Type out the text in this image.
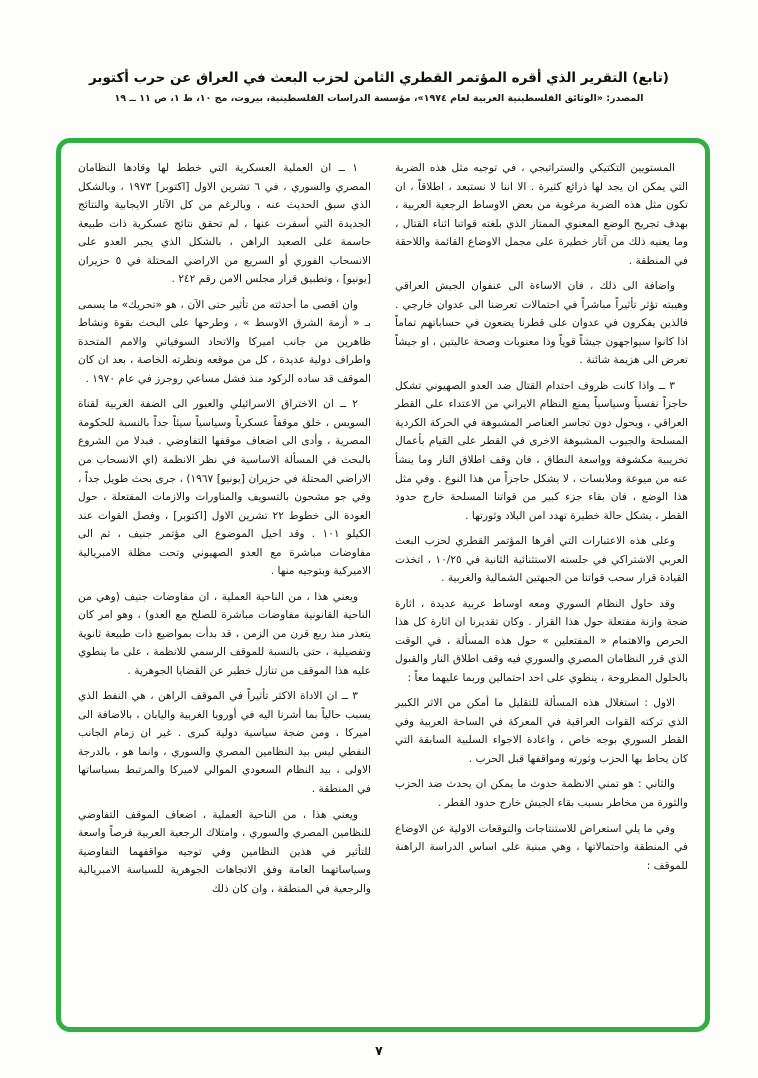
(تابع) التقرير الذي أقره المؤتمر القطري الثامن لحزب البعث في العراق عن حرب أكتوبر
المصدر: «الوثائق الفلسطينية العربية لعام ١٩٧٤»، مؤسسة الدراسات الفلسطينية، بيروت، مج ١٠، ط ١، ص ١١ ــ ١٩

المستويين التكتيكي والستراتيجي ، في توجيه مثل هذه الضربة التي يمكن ان يجد لها ذرائع كثيرة . الا اننا لا نستبعد ، اطلاقاً ، ان تكون مثل هذه الضربة مرغوبة من بعض الاوساط الرجعية العربية ، بهدف تجريح الوضع المعنوي الممتاز الذي بلغته قواتنا اثناء القتال ، وما يعنيه ذلك من آثار خطيرة على مجمل الاوضاع القائمة واللاحقة في المنطقة .

واضافة الى ذلك ، فان الاساءة الى عنفوان الجيش العراقي وهيبته تؤثر تأثيراً مباشراً في احتمالات تعرضنا الى عدوان خارجي . فالذين يفكرون في عدوان على قطرنا يضعون في حساباتهم تماماً اذا كانوا سيواجهون جيشاً قوياً وذا معنويات وصحة عاليتين ، او جيشاً تعرض الى هزيمة شائنة .

٣ ــ واذا كانت ظروف احتدام القتال ضد العدو الصهيوني تشكل حاجزاً نفسياً وسياسياً يمنع النظام الايراني من الاعتداء على القطر العراقي ، ويحول دون تجاسر العناصر المشبوهة في الحركة الكردية المسلحة والجيوب المشبوهة الاخرى في القطر على القيام بأعمال تخريبية مكشوفة وواسعة النطاق ، فان وقف اطلاق النار وما ينشأ عنه من ميوعة وملابسات ، لا يشكل حاجزاً من هذا النوع . وفي مثل هذا الوضع ، فان بقاء جزء كبير من قواتنا المسلحة خارج حدود القطر ، يشكل حالة خطيرة تهدد امن البلاد وثورتها .

وعلى هذه الاعتبارات التي أقرها المؤتمر القطري لحزب البعث العربي الاشتراكي في جلسته الاستثنائية الثانية في ١٠/٢٥ ، اتخذت القيادة قرار سحب قواتنا من الجبهتين الشمالية والغربية .

وقد حاول النظام السوري ومعه اوساط عربية عديدة ، اثارة ضجة وازنة مفتعلة حول هذا القرار . وكان تقديرنا ان اثارة كل هذا الحرص والاهتمام « المفتعلين » حول هذه المسألة ، في الوقت الذي قرر النظامان المصري والسوري فيه وقف اطلاق النار والقبول بالحلول المطروحة ، ينطوي على احد احتمالين وربما عليهما معاً :

الاول : استغلال هذه المسألة للتقليل ما أمكن من الاثر الكبير الذي تركته القوات العراقية في المعركة في الساحة العربية وفي القطر السوري بوجه خاص ، واعادة الاجواء السلبية السابقة التي كان يحاط بها الحزب وثورته ومواقفها قبل الحرب .

والثاني : هو تمني الانظمة حدوث ما يمكن ان يحدث ضد الحزب والثورة من مخاطر بسبب بقاء الجيش خارج حدود القطر .

وفي ما يلي استعراض للاستنتاجات والتوقعات الاولية عن الاوضاع في المنطقة واحتمالاتها ، وهي مبنية على اساس الدراسة الراهنة للموقف :

١ ــ ان العملية العسكرية التي خطط لها وقادها النظامان المصري والسوري ، في ٦ تشرين الاول [اكتوبر] ١٩٧٣ ، وبالشكل الذي سبق الحديث عنه ، وبالرغم من كل الآثار الايجابية والنتائج الجديدة التي أسفرت عنها ، لم تحقق نتائج عسكرية ذات طبيعة حاسمة على الصعيد الراهن ، بالشكل الذي يجبر العدو على الانسحاب الفوري أو السريع من الاراضي المحتلة في ٥ حزيران [يونيو] ، وتطبيق قرار مجلس الامن رقم ٢٤٢ .

وان اقصى ما أحدثته من تأثير حتى الآن ، هو «تحريك» ما يسمى بـ « أزمة الشرق الاوسط » ، وطرحها على البحث بقوة ونشاط ظاهرين من جانب اميركا والاتحاد السوفياتي والامم المتحدة واطراف دولية عديدة ، كل من موقعه ونظرته الخاصة ، بعد ان كان الموقف قد ساده الركود منذ فشل مساعي روجرز في عام ١٩٧٠ .

٢ ــ ان الاختراق الاسرائيلي والعبور الى الضفة الغربية لقناة السويس ، خلق موقفاً عسكرياً وسياسياً سيئاً جداً بالنسبة للحكومة المصرية ، وأدى الى اضعاف موقفها التفاوضي . فبدلا من الشروع بالبحث في المسألة الاساسية في نظر الانظمة (اي الانسحاب من الاراضي المحتلة في حزيران [يونيو] ١٩٦٧) ، جرى بحث طويل جداً ، وفي جو مشحون بالتسويف والمناورات والازمات المفتعلة ، حول العودة الى خطوط ٢٢ تشرين الاول [اكتوبر] ، وفصل القوات عند الكيلو ١٠١ . وقد احيل الموضوع الى مؤتمر جنيف ، ثم الى مفاوضات مباشرة مع العدو الصهيوني وتحت مظلة الامبريالية الاميركية وبتوجيه منها .

ويعني هذا ، من الناحية العملية ، ان مفاوضات جنيف (وهي من الناحية القانونية مفاوضات مباشرة للصلح مع العدو) ، وهو امر كان يتعذر منذ ربع قرن من الزمن ، قد بدأت بمواضيع ذات طبيعة ثانوية وتفصيلية ، حتى بالنسبة للموقف الرسمي للانظمة ، على ما ينطوي عليه هذا الموقف من تنازل خطير عن القضايا الجوهرية .

٣ ــ ان الاداة الاكثر تأثيراً في الموقف الراهن ، هي النفط الذي يسبب حالياً بما أشرنا اليه في أوروبا الغربية واليابان ، بالاضافة الى اميركا ، ومن ضجة سياسية دولية كبرى . غير ان زمام الجانب النفطي ليس بيد النظامين المصري والسوري ، وانما هو ، بالدرجة الاولى ، بيد النظام السعودي الموالي لاميركا والمرتبط بسياساتها في المنطقة .

ويعني هذا ، من الناحية العملية ، اضعاف الموقف التفاوضي للنظامين المصري والسوري ، وامتلاك الرجعية العربية فرصاً واسعة للتأثير في هذين النظامين وفي توجيه مواقفهما التفاوضية وسياساتهما العامة وفق الاتجاهات الجوهرية للسياسة الامبريالية والرجعية في المنطقة ، وان كان ذلك

٧
